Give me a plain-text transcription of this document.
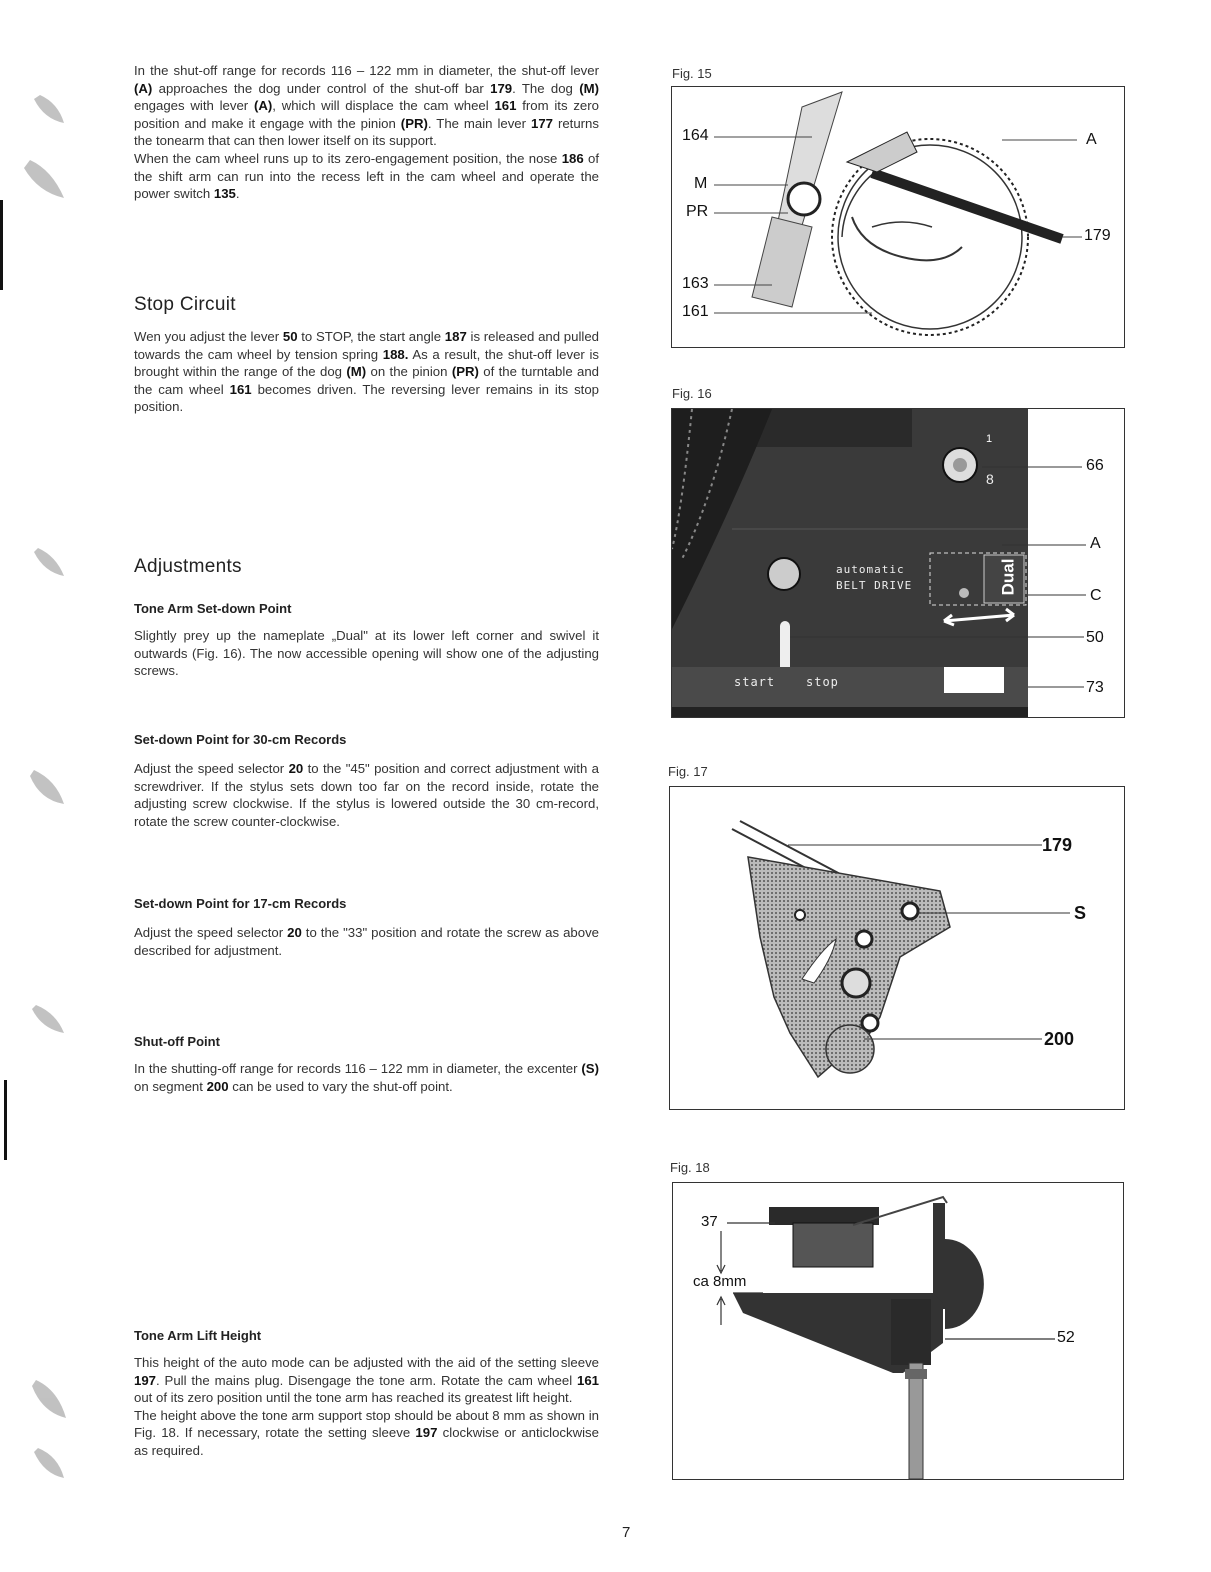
In the shut-off range for records 116 – 122 mm in diameter, the shut-off lever (A) approaches the dog under control of the shut-off bar 179. The dog (M) engages with lever (A), which will displace the cam wheel 161 from its zero position and make it engage with the pinion (PR). The main lever 177 returns the tonearm that can then lower itself on its support.

When the cam wheel runs up to its zero-engagement position, the nose 186 of the shift arm can run into the recess left in the cam wheel and operate the power switch 135.

Stop Circuit

Wen you adjust the lever 50 to STOP, the start angle 187 is released and pulled towards the cam wheel by tension spring 188. As a result, the shut-off lever is brought within the range of the dog (M) on the pinion (PR) of the turntable and the cam wheel 161 becomes driven. The reversing lever remains in its stop position.

Adjustments
Tone Arm Set-down Point

Slightly prey up the nameplate „Dual" at its lower left corner and swivel it outwards (Fig. 16). The now accessible opening will show one of the adjusting screws.

Set-down Point for 30-cm Records

Adjust the speed selector 20 to the "45" position and correct adjustment with a screwdriver. If the stylus sets down too far on the record inside, rotate the adjusting screw clockwise. If the stylus is lowered outside the 30 cm-record, rotate the screw counter-clockwise.

Set-down Point for 17-cm Records

Adjust the speed selector 20 to the "33" position and rotate the screw as above described for adjustment.

Shut-off Point

In the shutting-off range for records 116 – 122 mm in diameter, the excenter (S) on segment 200 can be used to vary the shut-off point.

Tone Arm Lift Height

This height of the auto mode can be adjusted with the aid of the setting sleeve 197. Pull the mains plug. Disengage the tone arm. Rotate the cam wheel 161 out of its zero position until the tone arm has reached its greatest lift height.

The height above the tone arm support stop should be about 8 mm as shown in Fig. 18. If necessary, rotate the setting sleeve 197 clockwise or anticlockwise as required.

Fig. 15
164
M
PR
163
161
A
179
Fig. 16
1
8
automatic
BELT DRIVE	Dual
start	stop
66
A
C
50
73
Fig. 17
179
S
200
Fig. 18
37
ca 8mm
52
7
